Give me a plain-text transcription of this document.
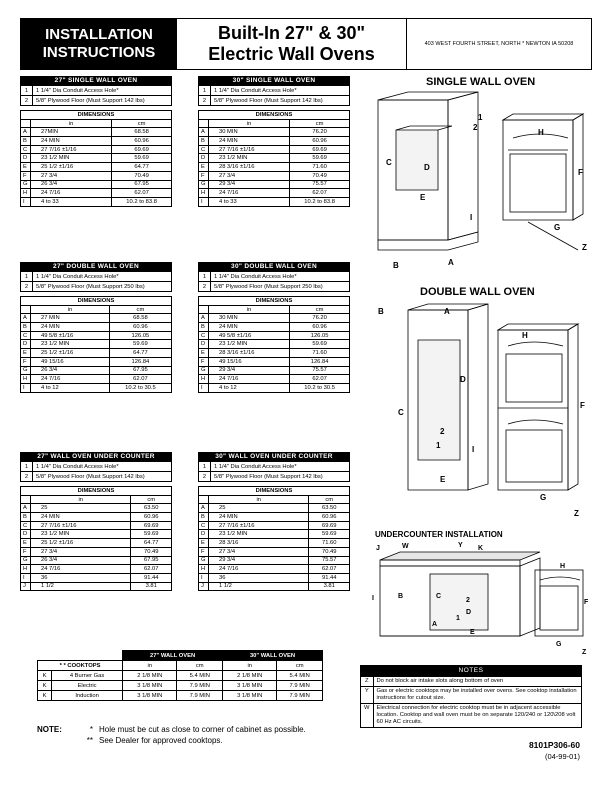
INSTALLATION
INSTRUCTIONS
Built-In 27" & 30"
Electric Wall Ovens	403 WEST FOURTH STREET, NORTH * NEWTON IA 50208
27" SINGLE WALL OVEN
1	1 1/4" Dia Conduit Access Hole*
2	5/8" Plywood Floor (Must Support 142 lbs)
DIMENSIONS		
	in	cm
A	27MIN	68.58
B	24 MIN	60.96
C	27 7/16 ±1/16	69.69
D	23 1/2 MIN	59.69
E	25 1/2 ±1/16	64.77
F	27 3/4	70.49
G	26 3/4	67.95
H	24 7/16	62.07
I	4 to 33	10.2 to 83.8
30" SINGLE WALL OVEN
1	1 1/4" Dia Conduit Access Hole*
2	5/8" Plywood Floor (Must Support 142 lbs)
DIMENSIONS		
	in	cm
A	30 MIN	76.20
B	24 MIN	60.96
C	27 7/16 ±1/16	69.69
D	23 1/2 MIN	59.69
E	28 3/16 ±1/16	71.60
F	27 3/4	70.49
G	29 3/4	75.57
H	24 7/16	62.07
I	4 to 33	10.2 to 83.8
27" DOUBLE WALL OVEN
1	1 1/4" Dia Conduit Access Hole*
2	5/8" Plywood Floor (Must Support 250 lbs)
DIMENSIONS		
	in	cm
A	27 MIN	68.58
B	24 MIN	60.96
C	49 5/8 ±1/16	126.05
D	23 1/2 MIN	59.69
E	25 1/2 ±1/16	64.77
F	49 15/16	126.84
G	26 3/4	67.95
H	24 7/16	62.07
I	4 to 12	10.2 to 30.5
30" DOUBLE WALL OVEN
1	1 1/4" Dia Conduit Access Hole*
2	5/8" Plywood Floor (Must Support 250 lbs)
DIMENSIONS		
	in	cm
A	30 MIN	76.20
B	24 MIN	60.96
C	49 5/8 ±1/16	126.05
D	23 1/2 MIN	59.69
E	28 3/16 ±1/16	71.60
F	49 15/16	126.84
G	29 3/4	75.57
H	24 7/16	62.07
I	4 to 12	10.2 to 30.5
27" WALL OVEN UNDER COUNTER
1	1 1/4" Dia Conduit Access Hole*
2	5/8" Plywood Floor (Must Support 142 lbs)
DIMENSIONS		
	in	cm
A	25	63.50
B	24 MIN	60.96
C	27 7/16 ±1/16	69.69
D	23 1/2 MIN	59.69
E	25 1/2 ±1/16	64.77
F	27 3/4	70.49
G	26 3/4	67.95
H	24 7/16	62.07
I	36	91.44
J	1 1/2	3.81
30" WALL OVEN UNDER COUNTER
1	1 1/4" Dia Conduit Access Hole*
2	5/8" Plywood Floor (Must Support 142 lbs)
DIMENSIONS		
	in	cm
A	25	63.50
B	24 MIN	60.96
C	27 7/16 ±1/16	69.69
D	23 1/2 MIN	59.69
E	28 3/16	71.60
F	27 3/4	70.49
G	29 3/4	75.57
H	24 7/16	62.07
I	36	91.44
J	1 1/2	3.81
SINGLE WALL OVEN
DOUBLE WALL OVEN
UNDERCOUNTER INSTALLATION
C
D
2
1
E
I
B	A
H
F
G
Z
B	A
H
D
C
2
1	I
F
E
G
Z
J	W	Y K
I	B	C
2
D
1
A
E
H
F
G
Z
		27" WALL OVEN		30" WALL OVEN	
* * COOKTOPS		in	cm	in	cm
K	4 Burner Gas	2 1/8 MIN	5.4 MIN	2 1/8 MIN	5.4 MIN
K	Electric	3 1/8 MIN	7.9 MIN	3 1/8 MIN	7.9 MIN
K	Induction	3 1/8 MIN	7.9 MIN	3 1/8 MIN	7.9 MIN
NOTES
Z	Do not block air intake slots along bottom of oven
Y	Gas or electric cooktops may be installed over ovens. See cooktop installation instructions for cutout size.
W	Electrical connection for electric cooktop must be in adjacent accessible location. Cooktop and wall oven must be on separate 120/240 or 120\208 volt 60 Hz AC circuits.
NOTE:	* Hole must be cut as close to corner of cabinet as possible.
** See Dealer for approved cooktops.	8101P306-60
(04-99-01)
